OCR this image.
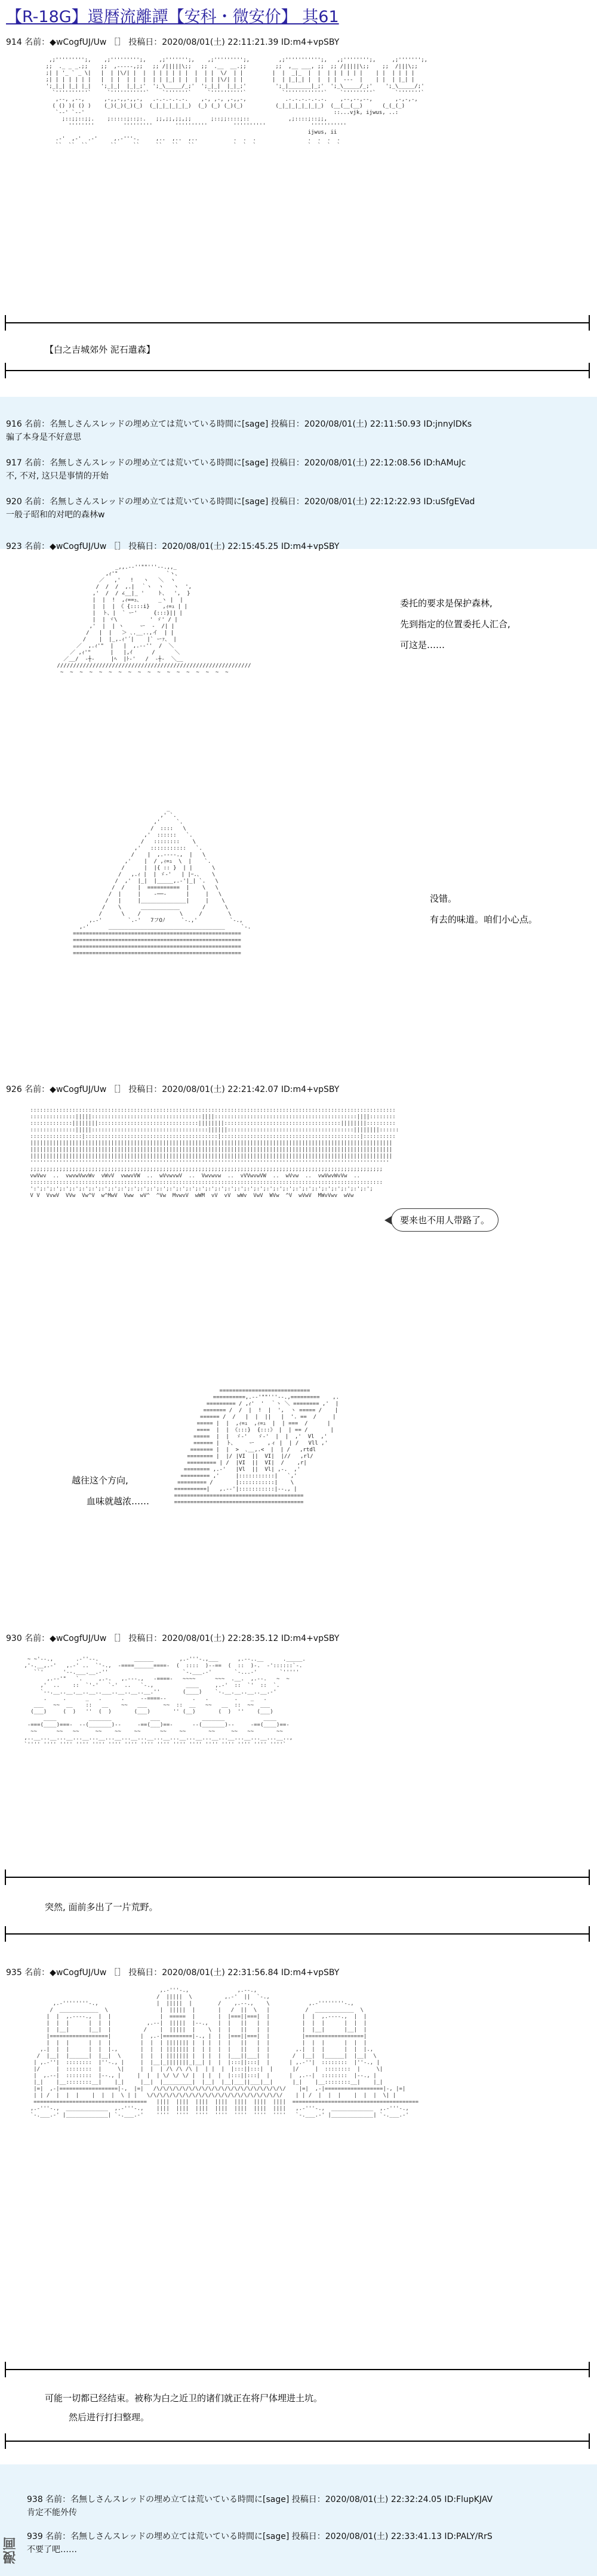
【R-18G】還暦流離譚【安科・微安价】 其61
914 名前：◆wCogfUJ/Uw ［］ 投稿日：2020/08/01(土) 22:11:21.39 ID:m4+vpSBY

,;''''''''';,    ,;''''''''';,    ,;''''''';,    ,;''''''''';,         ,;''''''''''';,   ,;'''''''';,     ,;''''''';,
;;  ._ _ _.;;    ;;  ,-----,;;   ;; /|||||\;;   ;;  .__  __.;;         ;;  ,__ ___, ;;  ;; /|||||\;;    ;;  /|||\;;
;| | '_ ` _ \|   |  | |\/| |  |  | | | | | |  |  | |  \/  | |         |  |  _|_  |  |  | | | | | |    | |  | | | |
;| | | | | | |   |  | |  | |  |  | | |_| | |  |  | | |\/| | |         |  | |_|_| |  |  | |  ---  |    | |  | |_| |
';_|_| |_| |_|   ';_|_|  |_|_;'  ';_\_____/_;'  ';_|_|  |_|_;'         ';_|_______|_;'  ';_\_____/_;'    ';_\_____/;'
`''''''''''`     `'''''''''''`    `'''''''`     `''''''''''`           `''''''''''''`    `'''''''''`      `'''''''`
,--, ,--,      ,-,,-,,-,,-,   .-.-.-.-.-.    ,-, ,-, ,-,,-,            .-.-.-.-.-.-.    ,--,--,--,       ,-,-,-,
( () )( () )    (_)(_)(_)(_)  (_|_|_|_|_|_)  (_) (_) (_)(_)          (_|_|_|_|_|_|_)  (__(__(__)      (_(_(_)
`--' `--'                                                                             ::...vjk, ijwus, ..:
;::;;::;;.    ;:::::;::;:.   ;;,;;,;;,;;      ;::;;::::;::            ,;::::;::;;,
''''''''         '''''''''       ''''''''''        ''''''''''              '''''''''''
ijwus, ii
.-'  ,-'  .-'     ,.-'''-.     ,..  ,..  ,..           .  .  .                .  .  .  .
``  ``  ``       ``     ``     ``   ``   ``            `  `  `                `  `  `  `

【白之吉城郊外 泥石遣森】
916 名前：名無しさんスレッドの埋め立ては荒いている時間に[sage] 投稿日：2020/08/01(土) 22:11:50.93 ID:jnnylDKs
骗了本身是不好意思
917 名前：名無しさんスレッドの埋め立ては荒いている時間に[sage] 投稿日：2020/08/01(土) 22:12:08.56 ID:hAMuJc
不, 不对, 这只是事情的开始
920 名前：名無しさんスレッドの埋め立ては荒いている時間に[sage] 投稿日：2020/08/01(土) 22:12:22.93 ID:uSfgEVad
一般子昭和的对吧的森林w
923 名前：◆wCogfUJ/Uw ［］ 投稿日：2020/08/01(土) 22:15:45.25 ID:m4+vpSBY

_,,.-‐''""'''‐-.,,_
,ｨ'"               `ヽ、
／   ,'   !   ヽ   ＼  ヽ
/  /  /  ,.|  ｀ヽ  ヽ   ヽ  ',
,'  /  / ∠__|_ '    ト、  ',  }
|  |  !  ,ｨ==ｭ、     _ヽ |  |
|  |  | 《 {::::i}    ,ｨ=ｭ | |
|  ト、|  ` ー'     {:::}|| |
|  | ヾ\          ' ゞ' / |
,'  |  | ヽ     ー  ‐  /| |
/   |  |   ＞ ､.__..,イ  | |
/    |  |_,.ｨ'´|    |` ーｧ、 |
／  ,.ｨ'"  |   |  ,.-‐''  /  ＼
／ ,ｨ'"      |   |,ｲ      /      ＼
／__/  -┼-     |ﾍ  |ﾄ‐'   /  -┼-  ＼__
////////////////////////////////////////////////////////////
~  ~  ~  ~  ~  ~  ~  ~  ~  ~  ~  ~  ~  ~  ~  ~  ~  ~

委托的要求是保护森林,
先到指定的位置委托人汇合,
可这是……

_
,' `.
,'     `.
/  ::::   \
,'  ::::::   `.
/   ::::::::    \
,'   :::::::::::   `.
/    |  ,.-‐‐-.,  |   \
,'    |  / ,ｨ=ｭ  \  |    `.
/      |  |{ :: }  | |      \
/   ,.ｨ |  | ゞ-'   | |ｰ.、   \
/  ,'  |_|  |_____,.-'|_| `.   \
/  /    |  ==========  |    \   \
/  |     |    -──-      |     |   \
/   |     |______________|     |    \
/    \      ____________       /      \
/      \    /            \     /        \
,.-'        `.-'   7フOﾉ     `-.,'          `-.,
,-'      ____________________________________     `-.
====================================================
====================================================
====================================================
====================================================

没错。
有去的味道。咱们小心点。
926 名前：◆wCogfUJ/Uw ［］ 投稿日：2020/08/01(土) 22:21:42.07 ID:m4+vpSBY

:::::::::::::::::::::::::::::::::::::::::::::::::::::::::::::::::::::::::::::::::::::::::::::::::::::::::::::::::
::::::::::::::|||||::::::::::::::::::::::::::::::::::||||::::::::::::::::::::::::::::::::::::::::::::||||::::::::
:::::::::::::||||||||:::::::::::::::::::::::::::::::||||||||::::::::::::::::::::::::::::::::::::||||||||:::::::::
::::::::::::::|||||::::::::::::::::::::::::::::::::::::||||||:::::::::::::::::::::::::::::::::::::::||||||||::::::
::::::::::::::::|:::::::::::::::::::::::::::::::::::::::::|:::::::::::::::::::::::::::::::::::::::::::|::::::::::
||||||||||||||||||||||||||||||||||||||||||||||||||||||||||||||||||||||||||||||||||||||||||||||||||||||||||||||||
||||||||||||||||||||||||||||||||||||||||||||||||||||||||||||||||||||||||||||||||||||||||||||||||||||||||||||||||
||||||||||||||||||||||||||||||||||||||||||||||||||||||||||||||||||||||||||||||||||||||||||||||||||||||||||||||||
'''''''''''''''''''''''''''''''''''''''''''''''''''''''''''''''''''''''''''''''''''''''''''''''''''''''''''''''
;;;;;;;;;;;;;;;;;;;;;;;;;;;;;;;;;;;;;;;;;;;;;;;;;;;;;;;;;;;;;;;;;;;;;;;;;;;;;;;;;;;;;;;;;;;;;;;;;;;;;;;;;;;;;
vwVwv  ..  vwvwVwvWv  vWvV  vwwvVW  ..  wVvwvwV  ..  Vwvwvw  ..  vVVwvwVW  ..  wVvw  ..  vwVwvWvVw  ..
:::::::::::::::::::::::::::::::::::::::::::::::::::::::::::::::::::::::::::::::::::::::::::::::::::::::::::::
':';:';:';:';:';:';:';:';:';:';:';:';:';:';:';:';:';:';:';:';:';:';:';:';:';:';:';:';:';:';:';:';:';:';:';
V V  VvwV  VVw  Vw^V  w^MwV  Vww  wV^  ^Vw  MvwvV  wWM  vV  vV  wWv  VwV  WVw  ^V  wVwV  MWvVwv  wVw

要来也不用人带路了。

============================
==========,.-‐'""'''‐-.,=========    ,.
========= / ,ｨ'  '  ｀ヽ ＼ ======== ,'  |
======= /  /  |  !  |  ',  ヽ ===== /    |
====== /  /   |  |  ||   |  '. ==  /     |
===== |  |  ,ｨ=ｭ  ,ｨ=ｭ  |  | ===  /      |
====  |  | 《:::}  {:::》 |  | == /       |
=====  |  |  ゞ-'   ゞ-'  |  |  ,'  Vl  ,'
====== |  ト、    ー    ,ィ |  | /   Vll ,'
======= |  |  >  ､__,.<  |  | /   ,rtdl
======== |  |/ |VI  ||  VI|  |//   ,rl/
========= | /  |VI  ||  VI|  /    ,r|
======== ,.-'   |Vl  ||  Vl| ,-.  ,'
========= ,'     |:::::::::::|   `,'
========= /       |:::::::::::|    \
==========|   ,.-‐'|:::::::::::|‐-., |
========================================
========================================

越往这个方向,
血味就越浓……
930 名前：◆wCogfUJ/Uw ［］ 投稿日：2020/08/01(土) 22:28:35.12 ID:m4+vpSBY

~ ~'--.,       .-''--.           ______        ,.-'''-.,___      ,.--..__      ._____.
,'-.__,.-'   ,.-' ..  `'-.,  -====______====-  (  ::::  )--==  (  ::  )-.  -'::::::`-.
``'      '--.___.__.-''                       `-.___.-'       `-...-'       `'''''
,.--'"   `.     ,.-.   ,.---.,   -====-   ~~~~      ~~~  .__.  ,.--.   ~  ~
,'  ..    ::  `'-'   `-'  ..   `-.,          ____     ,.-'  ::  `'  ::  `.
`--.__..__.__..__..___..__..__..__.''       (____)    `-.__.__..__..__.-'
.     .      _   .      .     --====--        .   .        .    _   .
___   ~~  __    ::   __    ~~   ___     ~~  ::  __   ~~   __  ::  ~~  ___
(___)     (  )   ''  (  )       (___)       '' (__)       (  )  ''    (___)
____          _______            ___             _______            ____
-===(____)===-  --(_______)--     -==(___)==-      --(_______)--     -==(____)==-
~~      ~~   ~~     ~~    ~~    ~~      ~~    ~~       ~~     ~~   ~~       ~~
,..__...__...__...__...__...__...__...__...__...__...__...__...__...__...__...__..,
`'''' '''' '''' '''' '''' '''' '''' '''' '''' '''' '''' '''' '''' '''' '''' ''''`

突然, 面前多出了一片荒野。
935 名前：◆wCogfUJ/Uw ［］ 投稿日：2020/08/01(土) 22:31:56.84 ID:m4+vpSBY

,.-'''-.,               ,.--.,
/  |||||  \          ,.-'  ||  `-.,
,.-''''''''-.,                  |  |||||  |        /    ,.--.,    \            ,.-''''''''-.,
/  ____________  \                |  |||||  |       |   /  ||  \   |           /  ____________  \
|  |  ,.----.,  |  |               |  =====  |       |  |===||===|  |          |  |  ,.----.,  |  |
|  |  |      |  |  |           ,.--|  |||||  |--.,   |  |   ||   |  |          |  |  |      |  |  |
|  |__|      |__|  |          /    |  |||||  |    \  |  |   ||   |  |          |  |__|      |__|  |
|==================|         |  ,.-|=========|-., |  |  |===||===|  |          |==================|
|  |  |      |  |  |         |  |  | ||||||| |  | |  |  |   ||   |  |          |  |  |      |  |  |
,.|  |  |      |  |  |.,       |  |  | ||||||| |  | |  |  |   ||   |  |        ,.|  |  |      |  |  |.,
/  |__|  |______|  |__|  \      |  |  | ||||||| |  | |  |  |___||___|  |       /  |__|  |______|  |__|  \
| ,.-''|  ::::::::  |''-., |     |  |__|_|||||||_|__| |  |  |:::||:::|  |      | ,.-''|  ::::::::  |''-., |
|/     |  ::::::::  |     \|     |  |  | /\ /\ /\ |  | |  |  |:::||:::|  |      |/     |  ::::::::  |     \|
|  ,.--|  ::::::::  |--., |     |  |  | \/ \/ \/ |  | |  |  |:::||:::|  |      |  ,.--|  ::::::::  |--., |
|_|    |__::::::::__|    |_|     |__|  |_________|  |__|  |__|___||___|__|      |_|    |__::::::::__|    |_|
|=|  ,-|==================|-,  |=|   /\/\/\/\/\/\/\/\/\/\/\/\/\/\/\/\/\/\/\/\/    |=|  ,-|==================|-, |=|
| | /  |  |  |    |  |  |  \ | |   \/\/\/\/\/\/\/\/\/\/\/\/\/\/\/\/\/\/\/\/\/    | | /  |  |  |    |  |  |  \| |
===================================   ||||  ||||  ||||  ||||  ||||  ||||  ||||  =======================================
,.-'''-.,  _____________  ,.-'''-.,    ||||  ||||  ||||  ||||  ||||  ||||  ||||   ,.-'''-.,  _____________  ,.-'''-.,
`-.___.-' |_____________| `-.___.-'    ''''  ''''  ''''  ''''  ''''  ''''  ''''   `-.___.-' |_____________| `-.___.-'

可能一切都已经结束。被称为白之近卫的诸们就正在将尸体埋进土坑。
然后进行打扫整理。
938 名前：名無しさんスレッドの埋め立ては荒いている時間に[sage] 投稿日：2020/08/01(土) 22:32:24.05 ID:FlupKJAV
肯定不能外传
939 名前：名無しさんスレッドの埋め立ては荒いている時間に[sage] 投稿日：2020/08/01(土) 22:33:41.13 ID:PALY/RrS
不要了吧……
漫画
